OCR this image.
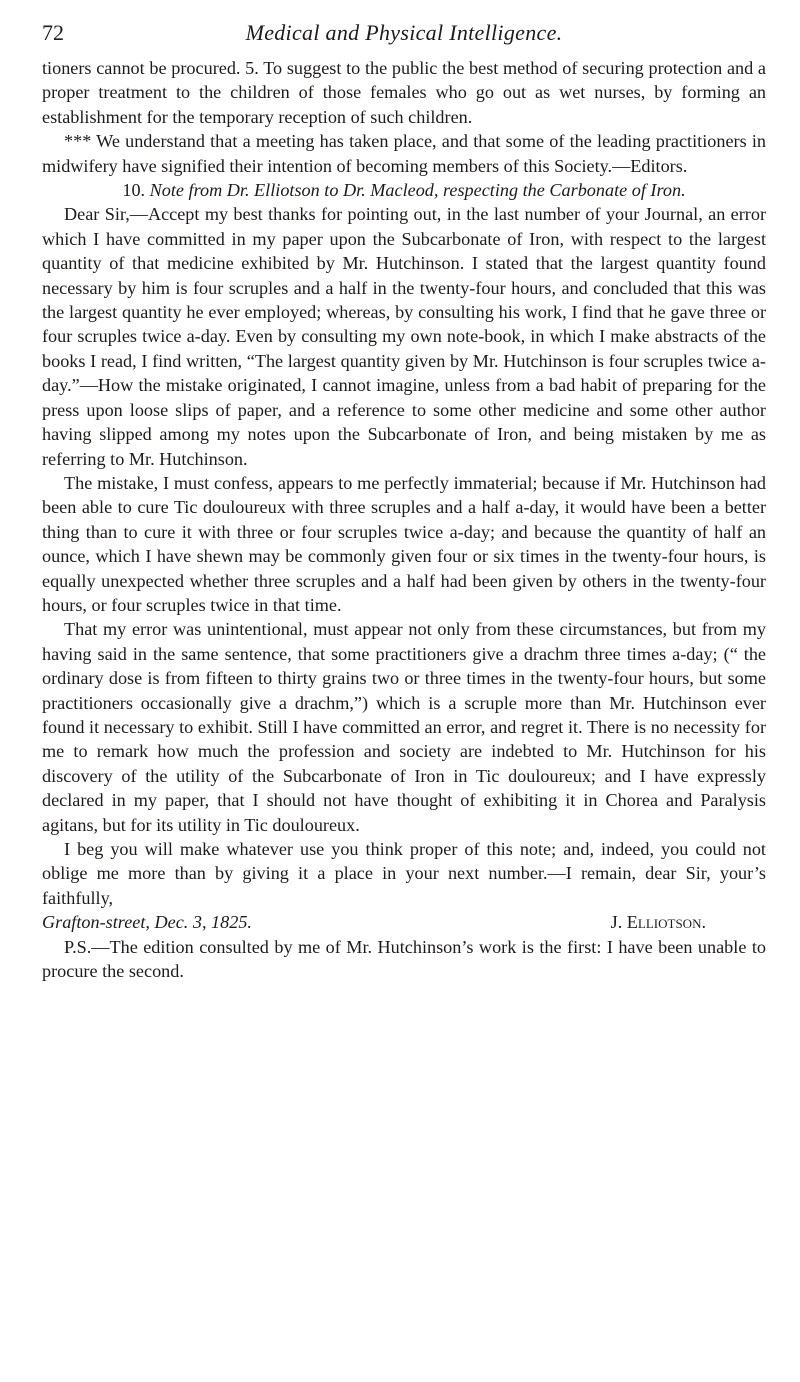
72	Medical and Physical Intelligence.

tioners cannot be procured. 5. To suggest to the public the best method of securing protection and a proper treatment to the children of those females who go out as wet nurses, by forming an establishment for the temporary reception of such children.

*** We understand that a meeting has taken place, and that some of the leading practitioners in midwifery have signified their intention of becoming members of this Society.—Editors.

10. Note from Dr. Elliotson to Dr. Macleod, respecting the Carbonate of Iron.

Dear Sir,—Accept my best thanks for pointing out, in the last number of your Journal, an error which I have committed in my paper upon the Subcarbonate of Iron, with respect to the largest quantity of that medicine exhibited by Mr. Hutchinson. I stated that the largest quantity found necessary by him is four scruples and a half in the twenty-four hours, and concluded that this was the largest quantity he ever employed; whereas, by consulting his work, I find that he gave three or four scruples twice a-day. Even by consulting my own note-book, in which I make abstracts of the books I read, I find written, “The largest quantity given by Mr. Hutchinson is four scruples twice a-day.”—How the mistake originated, I cannot imagine, unless from a bad habit of preparing for the press upon loose slips of paper, and a reference to some other medicine and some other author having slipped among my notes upon the Subcarbonate of Iron, and being mistaken by me as referring to Mr. Hutchinson.

The mistake, I must confess, appears to me perfectly immaterial; because if Mr. Hutchinson had been able to cure Tic douloureux with three scruples and a half a-day, it would have been a better thing than to cure it with three or four scruples twice a-day; and because the quantity of half an ounce, which I have shewn may be commonly given four or six times in the twenty-four hours, is equally unexpected whether three scruples and a half had been given by others in the twenty-four hours, or four scruples twice in that time.

That my error was unintentional, must appear not only from these circumstances, but from my having said in the same sentence, that some practitioners give a drachm three times a-day; (“ the ordinary dose is from fifteen to thirty grains two or three times in the twenty-four hours, but some practitioners occasionally give a drachm,”) which is a scruple more than Mr. Hutchinson ever found it necessary to exhibit. Still I have committed an error, and regret it. There is no necessity for me to remark how much the profession and society are indebted to Mr. Hutchinson for his discovery of the utility of the Subcarbonate of Iron in Tic douloureux; and I have expressly declared in my paper, that I should not have thought of exhibiting it in Chorea and Paralysis agitans, but for its utility in Tic douloureux.

I beg you will make whatever use you think proper of this note; and, indeed, you could not oblige me more than by giving it a place in your next number.—I remain, dear Sir, your’s faithfully,

Grafton-street, Dec. 3, 1825.	J. Elliotson.

P.S.—The edition consulted by me of Mr. Hutchinson’s work is the first: I have been unable to procure the second.
